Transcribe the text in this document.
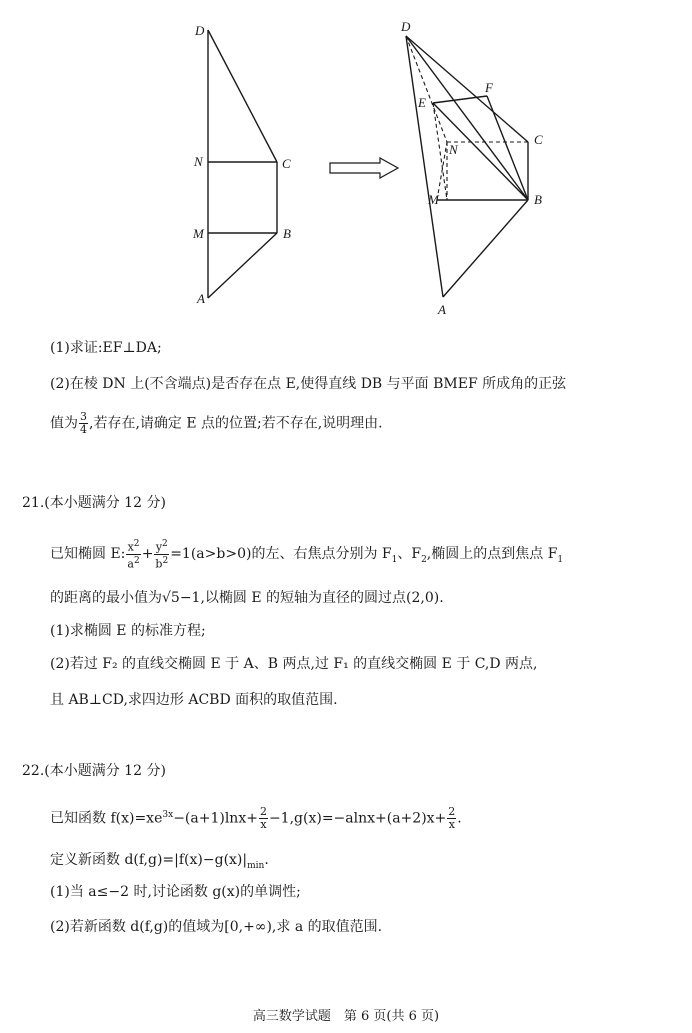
D
N	C
M	B
A
D
E
F
N
C
M	B
A
(1)求证:EF⊥DA;
(2)在棱 DN 上(不含端点)是否存在点 E,使得直线 DB 与平面 BMEF 所成角的正弦
值为 $\frac{3}{4}$ ,若存在,请确定 E 点的位置;若不存在,说明理由.
21.(本小题满分 12 分)
已知椭圆 E: $\frac{x^2}{a^2} + \frac{y^2}{b^2} =1(a>b>0)$的左、右焦点分别为 $F_1$、$F_2$,椭圆上的点到焦点 $F_1$
的距离的最小值为√5−1,以椭圆 E 的短轴为直径的圆过点(2,0).
(1)求椭圆 E 的标准方程;
(2)若过 F₂ 的直线交椭圆 E 于 A、B 两点,过 F₁ 的直线交椭圆 E 于 C,D 两点,
且 AB⊥CD,求四边形 ACBD 面积的取值范围.
22.(本小题满分 12 分)
已知函数 $f(x)=xe^{3x}-(a+1)\ln x+ \frac{2}{x} -1,g(x)=-alnx+(a+2)x+ \frac{2}{x}$ .
定义新函数 $d(f,g)=|f(x)-g(x)|_{min}$.
(1)当 a≤−2 时,讨论函数 g(x)的单调性;
(2)若新函数 d(f,g)的值域为[0,+∞),求 a 的取值范围.
高三数学试题　第 6 页(共 6 页)
